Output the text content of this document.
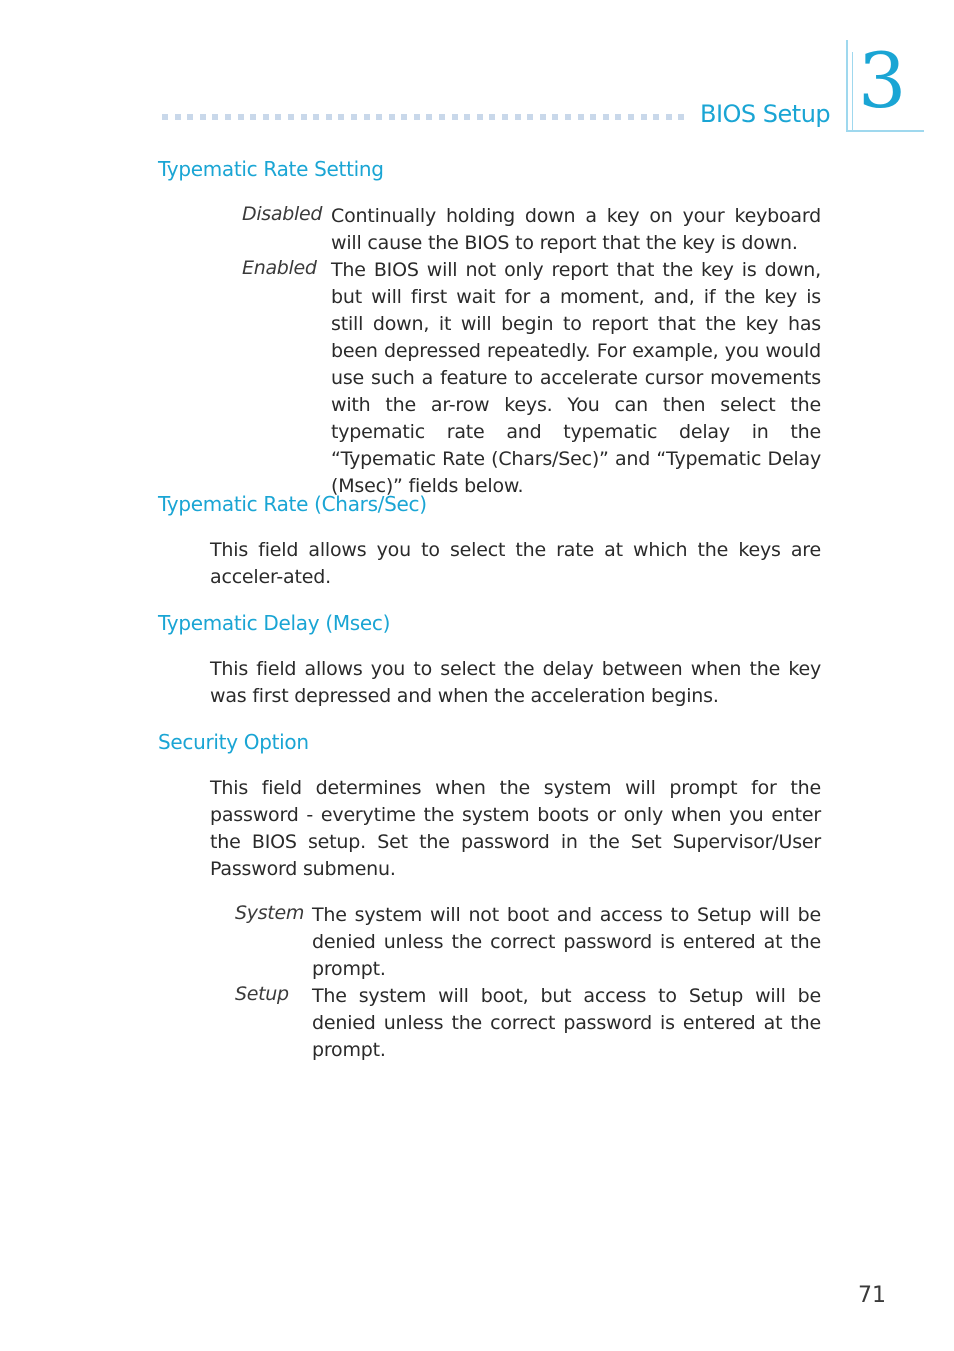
BIOS Setup 3
Typematic Rate Setting
Disabled Continually holding down a key on your keyboard will cause the BIOS to report that the key is down.
Enabled The BIOS will not only report that the key is down, but will first wait for a moment, and, if the key is still down, it will begin to report that the key has been depressed repeatedly. For example, you would use such a feature to accelerate cursor movements with the ar-row keys. You can then select the typematic rate and typematic delay in the “Typematic Rate (Chars/Sec)” and “Typematic Delay (Msec)” fields below.
Typematic Rate (Chars/Sec)
This field allows you to select the rate at which the keys are acceler-ated.
Typematic Delay (Msec)
This field allows you to select the delay between when the key was first depressed and when the acceleration begins.
Security Option
This field determines when the system will prompt for the password - everytime the system boots or only when you enter the BIOS setup. Set the password in the Set Supervisor/User Password submenu.
System The system will not boot and access to Setup will be denied unless the correct password is entered at the prompt.
Setup The system will boot, but access to Setup will be denied unless the correct password is entered at the prompt.
71
